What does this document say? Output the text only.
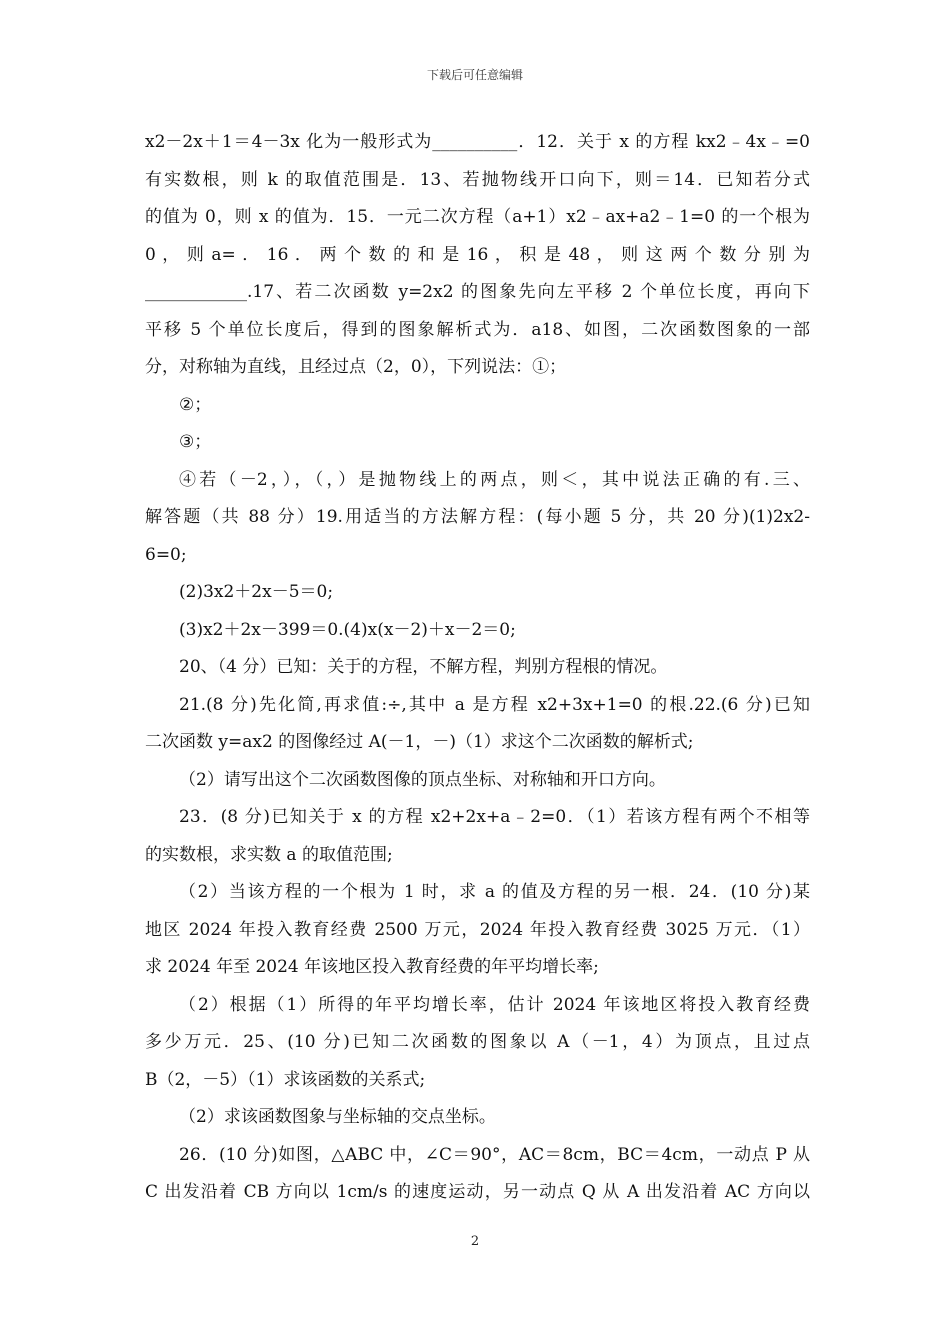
下载后可任意编辑
x2－2x＋1＝4－3x 化为一般形式为__________．12．关于 x 的方程 kx2﹣4x﹣=0
有实数根，则 k 的取值范围是．13、若抛物线开口向下，则＝14．已知若分式
的值为 0，则 x 的值为．15．一元二次方程（a+1）x2﹣ax+a2﹣1=0 的一个根为
0 ， 则 a= ． 16 ． 两 个 数 的 和 是 16 ， 积 是 48 ， 则 这 两 个 数 分 别 为
____________.17、若二次函数 y=2x2 的图象先向左平移 2 个单位长度，再向下
平移 5 个单位长度后，得到的图象解析式为．a18、如图，二次函数图象的一部
分，对称轴为直线，且经过点（2，0），下列说法：①；
②；
③；
④若（－2，），（，）是抛物线上的两点，则＜，其中说法正确的有.三、
解答题（共 88 分）19.用适当的方法解方程：(每小题 5 分，共 20 分)(1)2x2-
6=0;
(2)3x2＋2x－5＝0;
(3)x2＋2x－399＝0.(4)x(x－2)＋x－2＝0;
20、（4 分）已知：关于的方程，不解方程，判别方程根的情况。
21.(8 分)先化简,再求值:÷,其中 a 是方程 x2+3x+1=0 的根.22.(6 分)已知
二次函数 y=ax2 的图像经过 A(－1，－)（1）求这个二次函数的解析式;
（2）请写出这个二次函数图像的顶点坐标、对称轴和开口方向。
23．(8 分)已知关于 x 的方程 x2+2x+a﹣2=0．（1）若该方程有两个不相等
的实数根，求实数 a 的取值范围;
（2）当该方程的一个根为 1 时，求 a 的值及方程的另一根．24．(10 分)某
地区 2024 年投入教育经费 2500 万元，2024 年投入教育经费 3025 万元．（1）
求 2024 年至 2024 年该地区投入教育经费的年平均增长率;
（2）根据（1）所得的年平均增长率，估计 2024 年该地区将投入教育经费
多少万元．25、(10 分)已知二次函数的图象以 A（－1，4）为顶点，且过点
B（2，－5）（1）求该函数的关系式;
（2）求该函数图象与坐标轴的交点坐标。
26．(10 分)如图，△ABC 中，∠C＝90°，AC＝8cm，BC＝4cm，一动点 P 从
C 出发沿着 CB 方向以 1cm/s 的速度运动，另一动点 Q 从 A 出发沿着 AC 方向以
2
